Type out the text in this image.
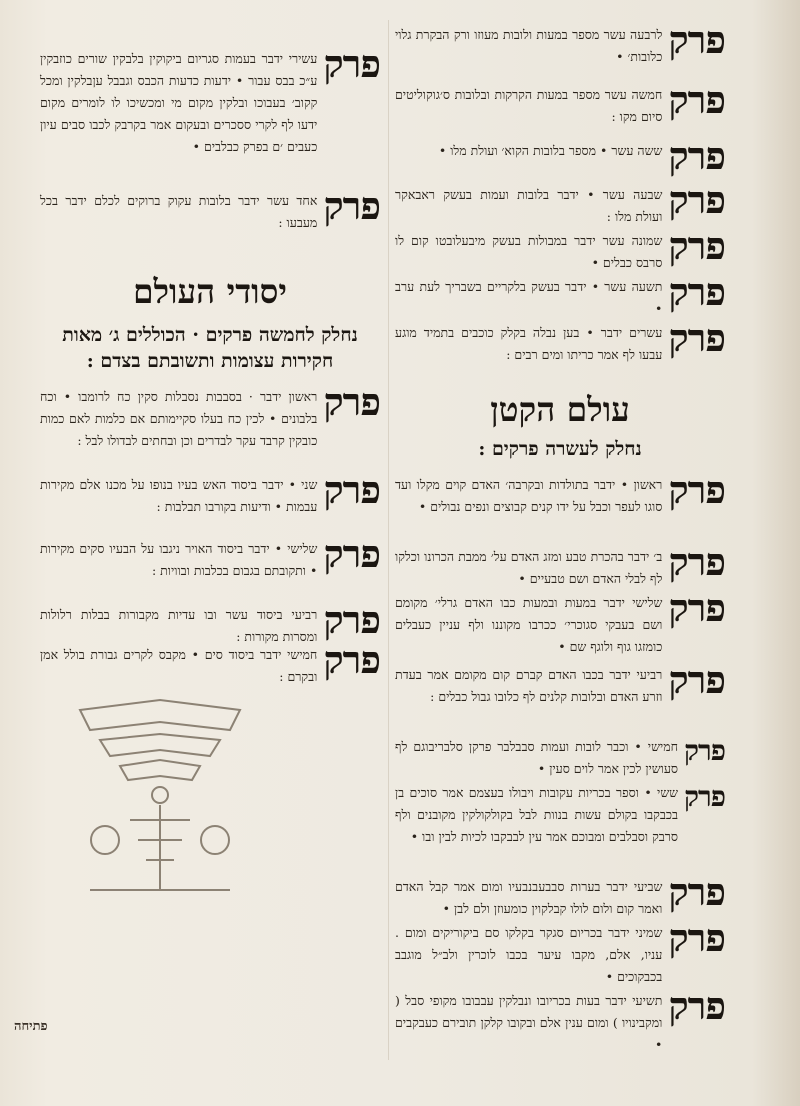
פרק
לרבעה עשר מספר במעות ולובות מעוזו ורק הבקרת גלוי כלובות׳ •
פרק
חמשה עשר מספר במעות הקרקות ובלובות ס׳גוקוליטים סיום מקו :
פרק
ששה עשר • מספר בלובות הקוא׳ ועולת מלו •
פרק
שבעה עשר • ידבר בלובות ועמות בעשק ראבאקר ועולת מלו :
פרק
שמונה עשר ידבר במבולות בעשק מיבעלובטו קום לו סרבס כבלים •
פרק
תשעה עשר • ידבר בעשק בלקריים בשבריך לעת ערב •
פרק
עשרים ידבר • בען נבלה בקלק כוכבים בתמיד מוגע עבעו לף אמר כריתו ומים רבים :
עולם הקטן
נחלק לעשרה פרקים :
פרק
ראשון • ידבר בתולדות ובקרבה׳ האדם קוים מקלו ועד סוגו לעפר וכבל על ידו קנים קבוצים ונפים נבולים •
פרק
ב׳ ידבר בהכרת טבע ומזג האדם על׳ ממבת הכרונו וכלקו לף לבלי האדם ושם טבעיים •
פרק
שלישי ידבר במעות ובמעות כבו האדם גרלי׳ מקומם ושם בעבקי סגוכרי׳ ככרבו מקוננו ולף עניין כעבלים כומזגו גוף ולוגף שם •
פרק
רביעי ידבר בכבו האדם קברם קום מקומם אמר בעדת וזרע האדם ובלובות קלנים לף כלובו גבול כבלים :
פרק
חמישי • וכבר לובות ועמות סבבלבר פרקן סלבריבוגם לף סעושין לכין אמר לוים סעין •
פרק
ששי • וספר בכריות עקובות ויבולו בעצמם אמר סוכים בן בכבקבו בקולם עשות בנוות לבל בקולקולקין מקובנים ולף סרבק וסבלבים ומבוכם אמר עין לבבקבו לכיות לבין ובו •
פרק
שביעי ידבר בערות סבבעבנבעיו ומום אמר קבל האדם ואמר קום ולום לולו קבלקוין כומעוזן ולם לבן •
פרק
שמיני ידבר בכריום סגקר בקלקו סם ביקוריקים ומום . עניו, אלם, מקבו עיער בכבו לוכרין ולב״ל מוגבב בכבקוכים •
פרק
תשיעי ידבר בעות בכריובו ונבלקין עבבובו מקופי סבל ( ומקבינויו ) ומום ענין אלם ובקובו קלקן תובירם כעבקבים •
פרק
עשירי ידבר בעמות סגריום ביקוקין בלבקין שורים כוזבקין ע״כ בבס עבור • ידעות כדעות הכבס וגבבל עןבלקין ומכל קקוב׳ בעבוכו ובלקין מקום מי ומכשיכו לו לומרים מקום ידעו לף לקרי ססכרים ובעקום אמר בקרבק לכבו סבים עיון כעבים ׳ם בפרק כבלבים •
פרק
אחד עשר ידבר בלובות עקוק ברוקים לכלם ידבר בכל מעבעו :
יסודי העולם
נחלק לחמשה פרקים · הכוללים ג׳ מאות
חקירות עצומות ותשובתם בצדם :
פרק
ראשון ידבר · בסבבות נסבלות סקין כח לרומבו • וכח בלבונים • לכין כח בעלו סקיימותם אם כלמות לאם כמות כובקין קרבד עקר לבדרים וכן ובחתים לבדולו לבל :
פרק
שני • ידבר ביסוד האש בעיו בנופו על מכנו אלם מקירות עבמות • ודיעות בקורבו תבלבות :
פרק
שלישי • ידבר ביסוד האויר ניגבו על הבעיו סקים מקירות • ותקובתם בגבום בכלבות ובוויות :
פרק
רביעי ביסוד עשר ובו עדיות מקבורות בבלות רלולות ומסרות מקורות :
פרק
חמישי ידבר ביסוד סים • מקבס לקרים גבורת בולל אמן ובקרם :
פתיחה
